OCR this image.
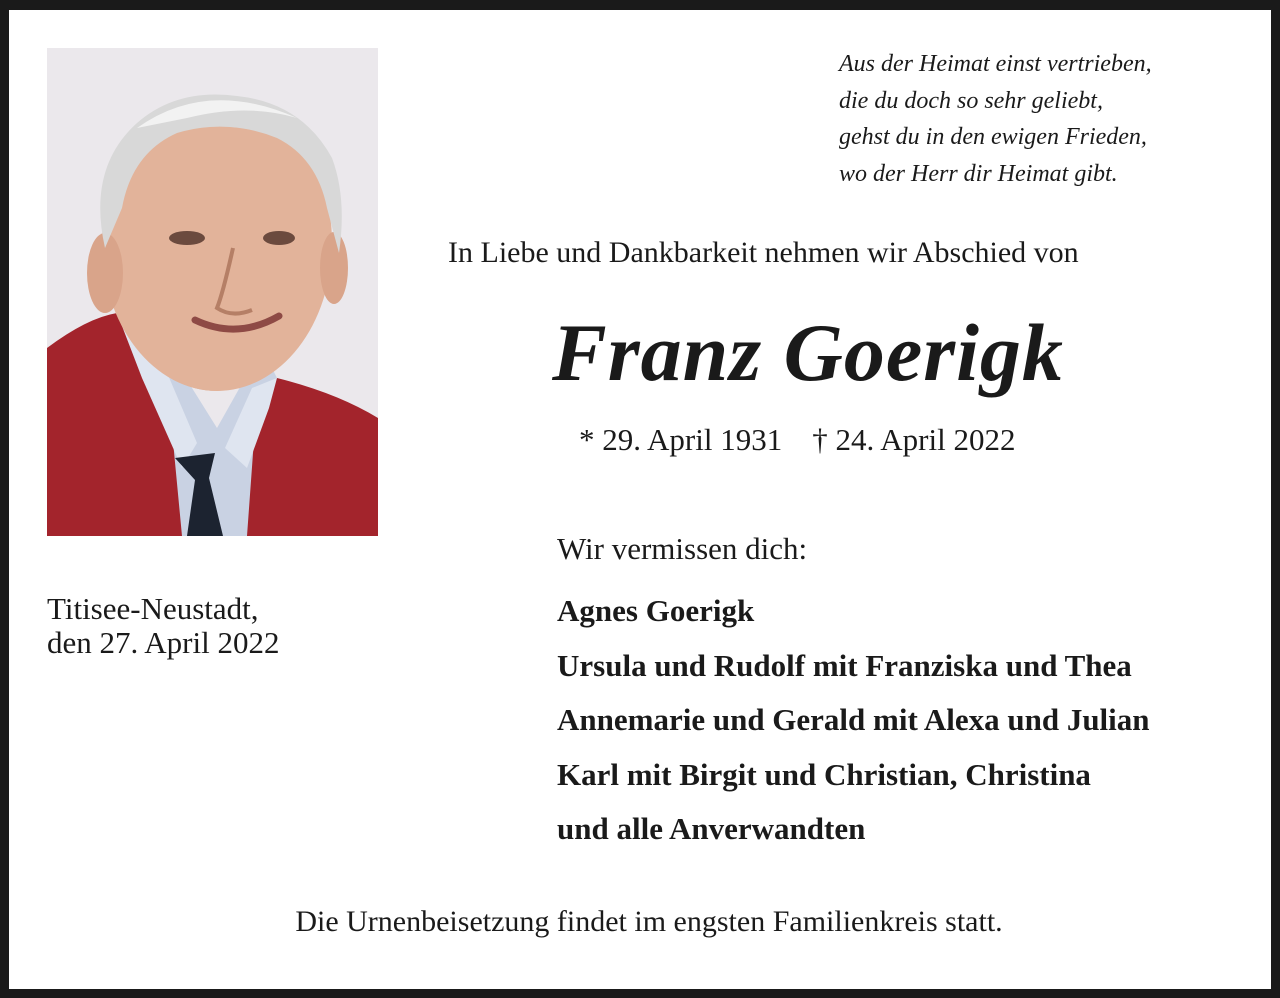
Aus der Heimat einst vertrieben,
die du doch so sehr geliebt,
gehst du in den ewigen Frieden,
wo der Herr dir Heimat gibt.
In Liebe und Dankbarkeit nehmen wir Abschied von
Franz Goerigk
* 29. April 1931 † 24. April 2022
Titisee-Neustadt,
den 27. April 2022
Wir vermissen dich:
Agnes Goerigk
Ursula und Rudolf mit Franziska und Thea
Annemarie und Gerald mit Alexa und Julian
Karl mit Birgit und Christian, Christina
und alle Anverwandten
Die Urnenbeisetzung findet im engsten Familienkreis statt.
